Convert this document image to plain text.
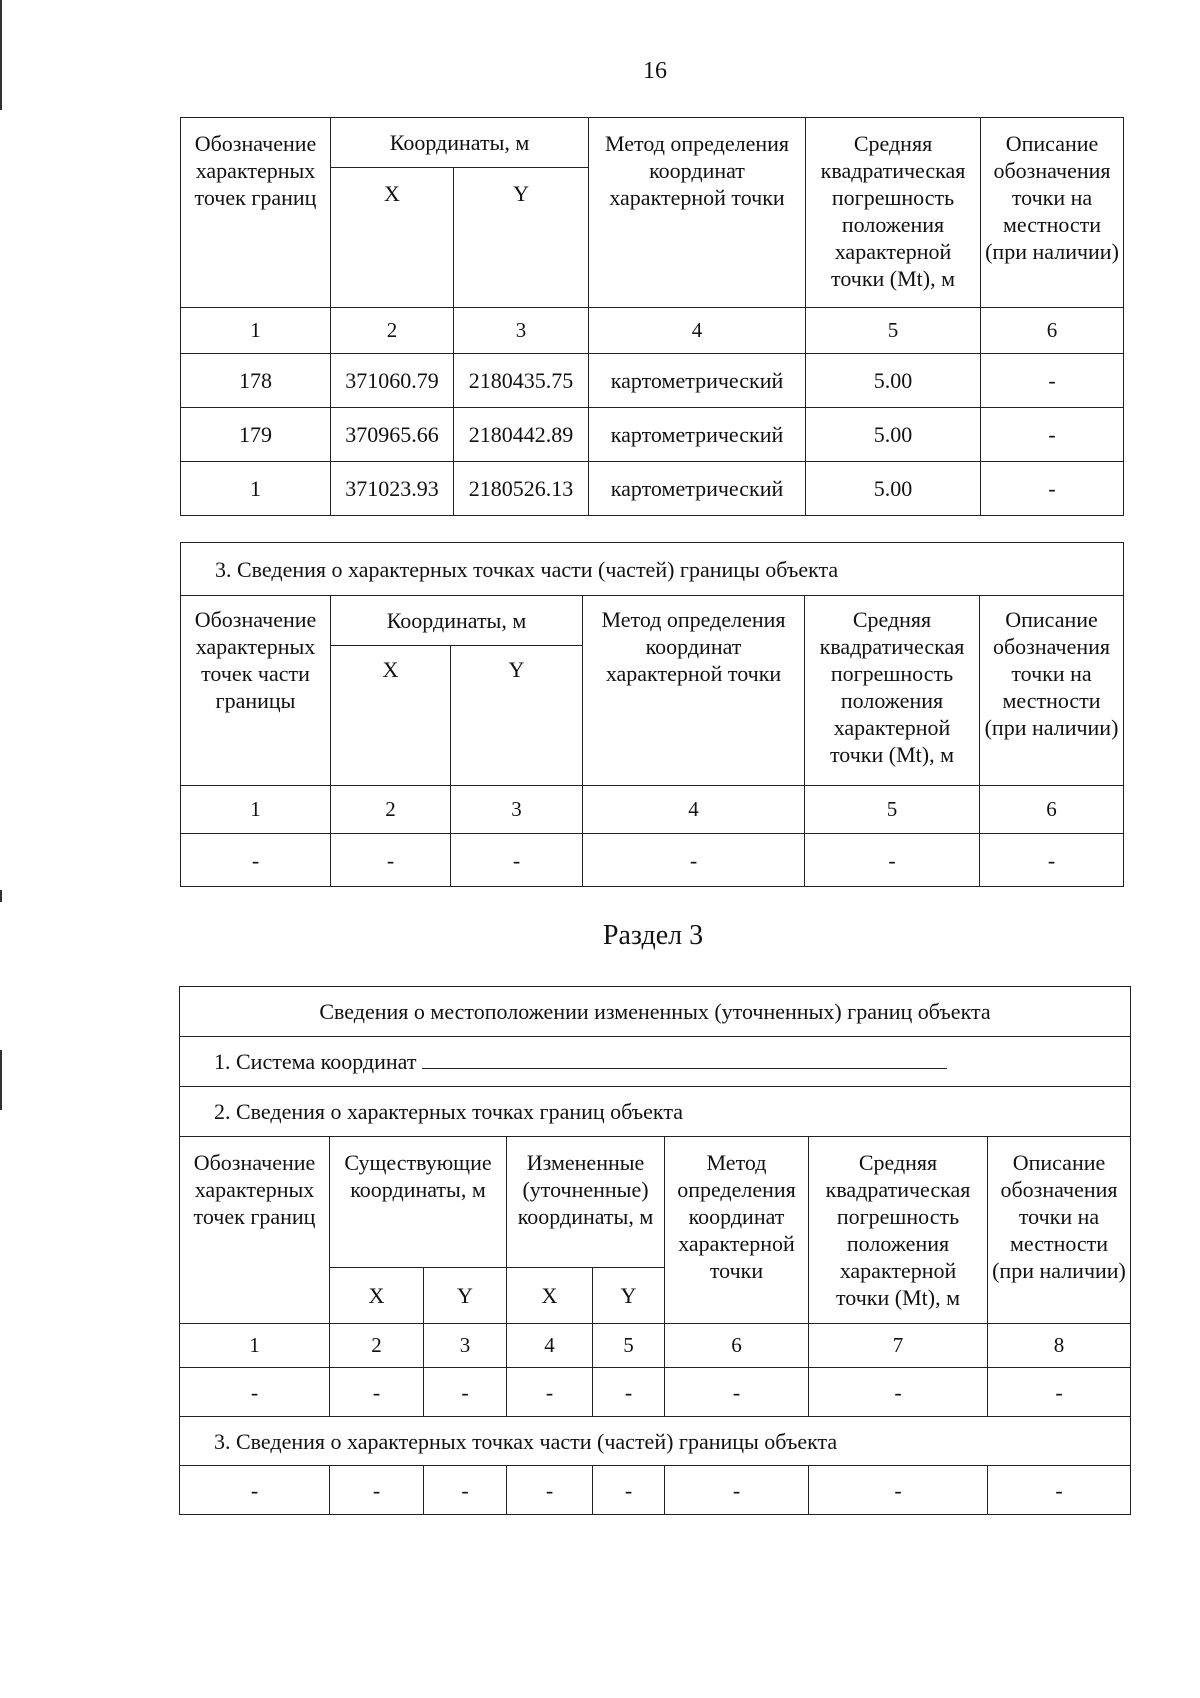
16
Обозначение характерных точек границ	Координаты, м		Метод определения координат характерной точки	Средняя квадратическая погрешность положения характерной точки (Mt), м	Описание обозначения точки на местности (при наличии)
	X	Y			
1	2	3	4	5	6
178	371060.79	2180435.75	картометрический	5.00	-
179	370965.66	2180442.89	картометрический	5.00	-
1	371023.93	2180526.13	картометрический	5.00	-
3. Сведения о характерных точках части (частей) границы объекта					
Обозначение характерных точек части границы	Координаты, м		Метод определения координат характерной точки	Средняя квадратическая погрешность положения характерной точки (Mt), м	Описание обозначения точки на местности (при наличии)
	X	Y			
1	2	3	4	5	6
-	-	-	-	-	-
Раздел 3
Сведения о местоположении измененных (уточненных) границ объекта							
1. Система координат							
2. Сведения о характерных точках границ объекта							
Обозначение характерных точек границ	Существующие координаты, м		Измененные (уточненные) координаты, м		Метод определения координат характерной точки	Средняя квадратическая погрешность положения характерной точки (Mt), м	Описание обозначения точки на местности (при наличии)
	X	Y	X	Y			
1	2	3	4	5	6	7	8
-	-	-	-	-	-	-	-
3. Сведения о характерных точках части (частей) границы объекта							
-	-	-	-	-	-	-	-
